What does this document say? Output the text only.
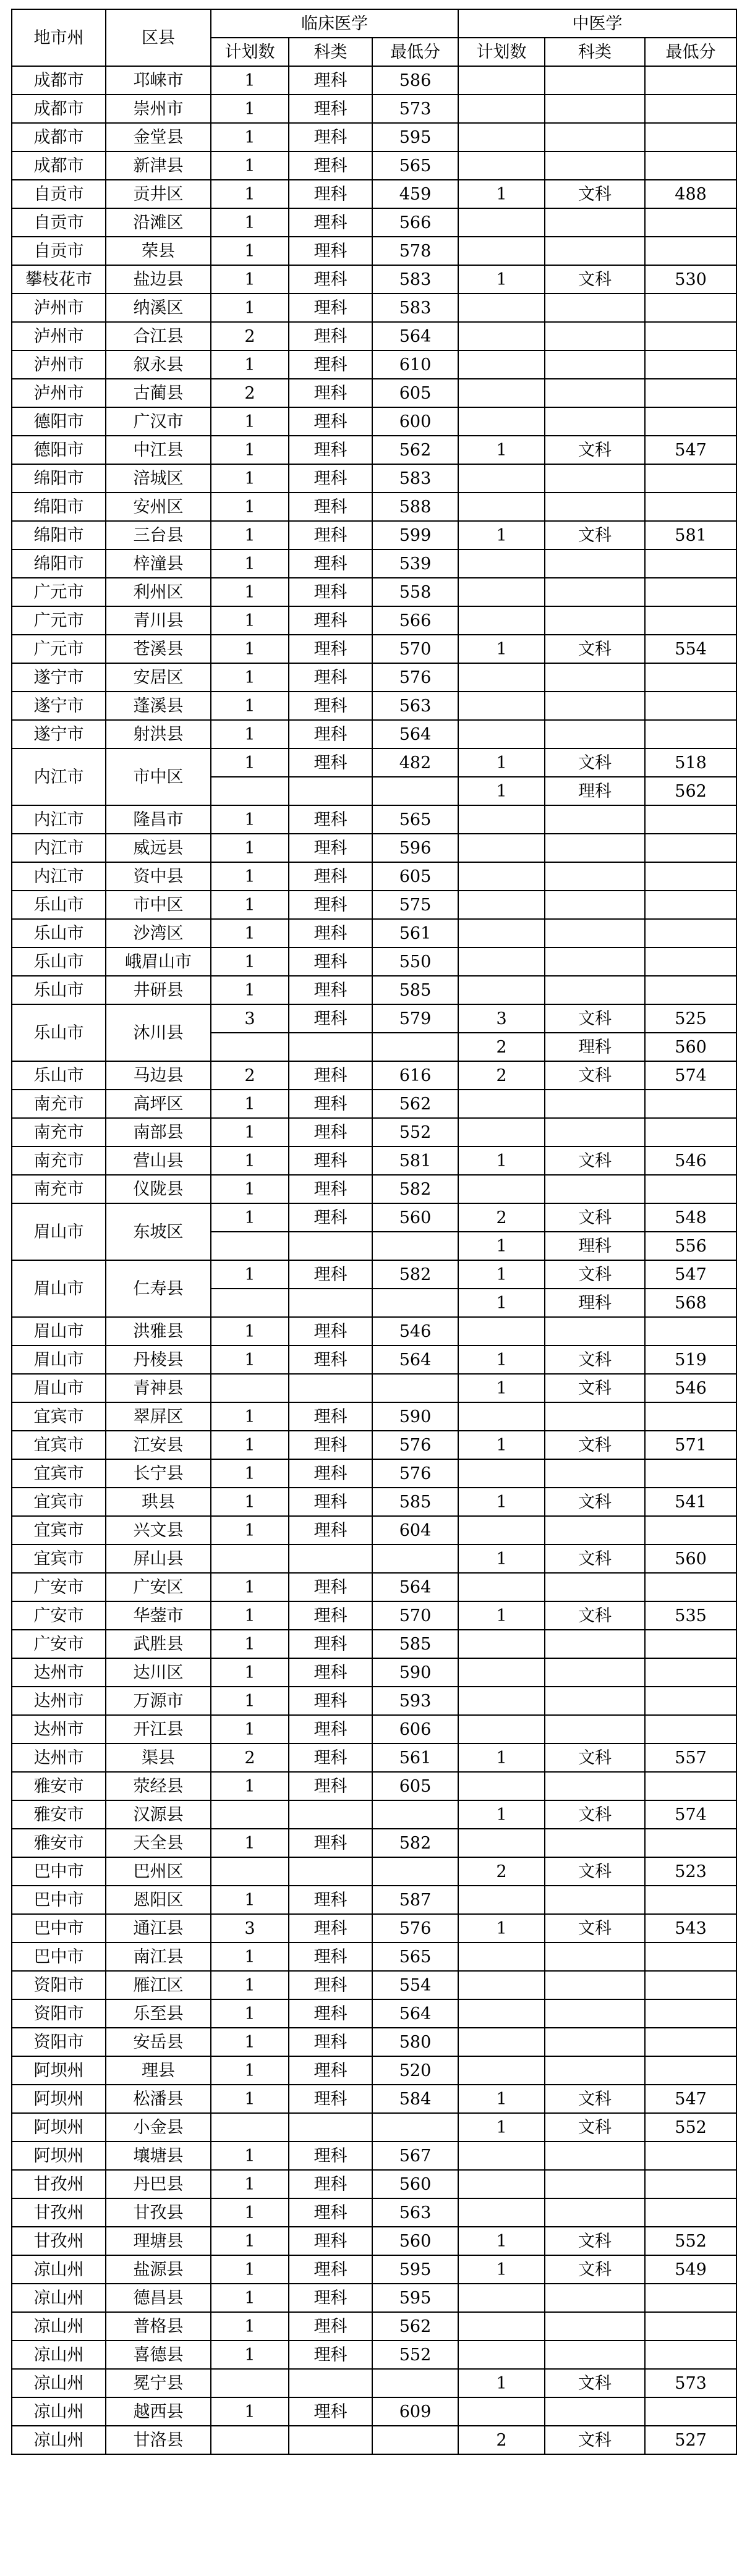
地市州	区县	临床医学			中医学		
		计划数	科类	最低分	计划数	科类	最低分
成都市	邛崃市	1	理科	586			
成都市	崇州市	1	理科	573			
成都市	金堂县	1	理科	595			
成都市	新津县	1	理科	565			
自贡市	贡井区	1	理科	459	1	文科	488
自贡市	沿滩区	1	理科	566			
自贡市	荣县	1	理科	578			
攀枝花市	盐边县	1	理科	583	1	文科	530
泸州市	纳溪区	1	理科	583			
泸州市	合江县	2	理科	564			
泸州市	叙永县	1	理科	610			
泸州市	古蔺县	2	理科	605			
德阳市	广汉市	1	理科	600			
德阳市	中江县	1	理科	562	1	文科	547
绵阳市	涪城区	1	理科	583			
绵阳市	安州区	1	理科	588			
绵阳市	三台县	1	理科	599	1	文科	581
绵阳市	梓潼县	1	理科	539			
广元市	利州区	1	理科	558			
广元市	青川县	1	理科	566			
广元市	苍溪县	1	理科	570	1	文科	554
遂宁市	安居区	1	理科	576			
遂宁市	蓬溪县	1	理科	563			
遂宁市	射洪县	1	理科	564			
内江市	市中区	1	理科	482	1	文科	518
					1	理科	562
内江市	隆昌市	1	理科	565			
内江市	威远县	1	理科	596			
内江市	资中县	1	理科	605			
乐山市	市中区	1	理科	575			
乐山市	沙湾区	1	理科	561			
乐山市	峨眉山市	1	理科	550			
乐山市	井研县	1	理科	585			
乐山市	沐川县	3	理科	579	3	文科	525
					2	理科	560
乐山市	马边县	2	理科	616	2	文科	574
南充市	高坪区	1	理科	562			
南充市	南部县	1	理科	552			
南充市	营山县	1	理科	581	1	文科	546
南充市	仪陇县	1	理科	582			
眉山市	东坡区	1	理科	560	2	文科	548
					1	理科	556
眉山市	仁寿县	1	理科	582	1	文科	547
					1	理科	568
眉山市	洪雅县	1	理科	546			
眉山市	丹棱县	1	理科	564	1	文科	519
眉山市	青神县				1	文科	546
宜宾市	翠屏区	1	理科	590			
宜宾市	江安县	1	理科	576	1	文科	571
宜宾市	长宁县	1	理科	576			
宜宾市	珙县	1	理科	585	1	文科	541
宜宾市	兴文县	1	理科	604			
宜宾市	屏山县				1	文科	560
广安市	广安区	1	理科	564			
广安市	华蓥市	1	理科	570	1	文科	535
广安市	武胜县	1	理科	585			
达州市	达川区	1	理科	590			
达州市	万源市	1	理科	593			
达州市	开江县	1	理科	606			
达州市	渠县	2	理科	561	1	文科	557
雅安市	荥经县	1	理科	605			
雅安市	汉源县				1	文科	574
雅安市	天全县	1	理科	582			
巴中市	巴州区				2	文科	523
巴中市	恩阳区	1	理科	587			
巴中市	通江县	3	理科	576	1	文科	543
巴中市	南江县	1	理科	565			
资阳市	雁江区	1	理科	554			
资阳市	乐至县	1	理科	564			
资阳市	安岳县	1	理科	580			
阿坝州	理县	1	理科	520			
阿坝州	松潘县	1	理科	584	1	文科	547
阿坝州	小金县				1	文科	552
阿坝州	壤塘县	1	理科	567			
甘孜州	丹巴县	1	理科	560			
甘孜州	甘孜县	1	理科	563			
甘孜州	理塘县	1	理科	560	1	文科	552
凉山州	盐源县	1	理科	595	1	文科	549
凉山州	德昌县	1	理科	595			
凉山州	普格县	1	理科	562			
凉山州	喜德县	1	理科	552			
凉山州	冕宁县				1	文科	573
凉山州	越西县	1	理科	609			
凉山州	甘洛县				2	文科	527
